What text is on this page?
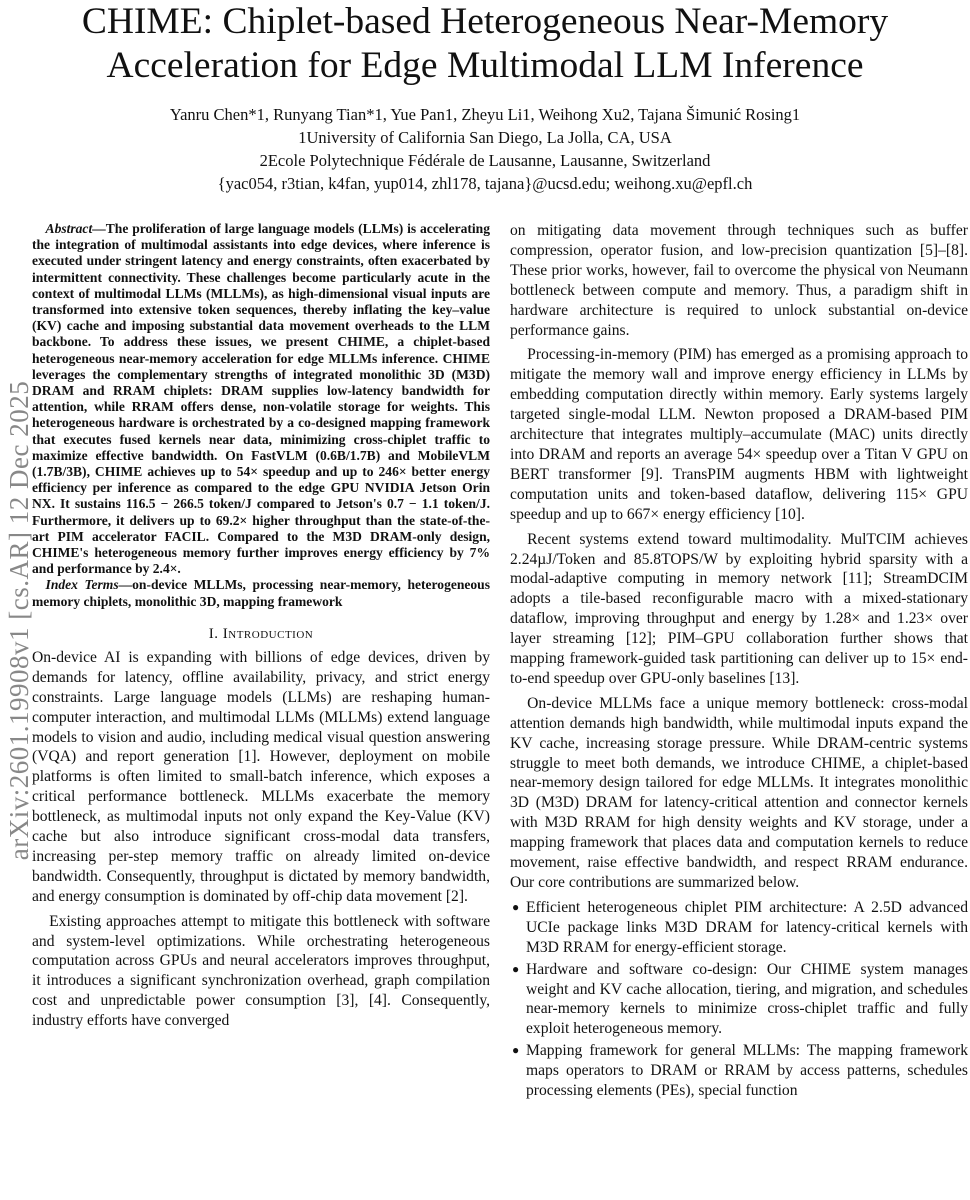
arXiv:2601.19908v1 [cs.AR] 12 Dec 2025
CHIME: Chiplet-based Heterogeneous Near-Memory
Acceleration for Edge Multimodal LLM Inference
Yanru Chen*1, Runyang Tian*1, Yue Pan1, Zheyu Li1, Weihong Xu2, Tajana Šimunić Rosing1
1University of California San Diego, La Jolla, CA, USA
2Ecole Polytechnique Fédérale de Lausanne, Lausanne, Switzerland
{yac054, r3tian, k4fan, yup014, zhl178, tajana}@ucsd.edu; weihong.xu@epfl.ch

Abstract—The proliferation of large language models (LLMs) is accelerating the integration of multimodal assistants into edge devices, where inference is executed under stringent latency and energy constraints, often exacerbated by intermittent connectivity. These challenges become particularly acute in the context of multimodal LLMs (MLLMs), as high-dimensional visual inputs are transformed into extensive token sequences, thereby inflating the key–value (KV) cache and imposing substantial data movement overheads to the LLM backbone. To address these issues, we present CHIME, a chiplet-based heterogeneous near-memory acceleration for edge MLLMs inference. CHIME leverages the complementary strengths of integrated monolithic 3D (M3D) DRAM and RRAM chiplets: DRAM supplies low-latency bandwidth for attention, while RRAM offers dense, non-volatile storage for weights. This heterogeneous hardware is orchestrated by a co-designed mapping framework that executes fused kernels near data, minimizing cross-chiplet traffic to maximize effective bandwidth. On FastVLM (0.6B/1.7B) and MobileVLM (1.7B/3B), CHIME achieves up to 54× speedup and up to 246× better energy efficiency per inference as compared to the edge GPU NVIDIA Jetson Orin NX. It sustains 116.5 − 266.5 token/J compared to Jetson's 0.7 − 1.1 token/J. Furthermore, it delivers up to 69.2× higher throughput than the state-of-the-art PIM accelerator FACIL. Compared to the M3D DRAM-only design, CHIME's heterogeneous memory further improves energy efficiency by 7% and performance by 2.4×.

Index Terms—on-device MLLMs, processing near-memory, heterogeneous memory chiplets, monolithic 3D, mapping framework

I. Introduction

On-device AI is expanding with billions of edge devices, driven by demands for latency, offline availability, privacy, and strict energy constraints. Large language models (LLMs) are reshaping human-computer interaction, and multimodal LLMs (MLLMs) extend language models to vision and audio, including medical visual question answering (VQA) and report generation [1]. However, deployment on mobile platforms is often limited to small-batch inference, which exposes a critical performance bottleneck. MLLMs exacerbate the memory bottleneck, as multimodal inputs not only expand the Key-Value (KV) cache but also introduce significant cross-modal data transfers, increasing per-step memory traffic on already limited on-device bandwidth. Consequently, throughput is dictated by memory bandwidth, and energy consumption is dominated by off-chip data movement [2].

Existing approaches attempt to mitigate this bottleneck with software and system-level optimizations. While orchestrating heterogeneous computation across GPUs and neural accelerators improves throughput, it introduces a significant synchronization overhead, graph compilation cost and unpredictable power consumption [3], [4]. Consequently, industry efforts have converged

on mitigating data movement through techniques such as buffer compression, operator fusion, and low-precision quantization [5]–[8]. These prior works, however, fail to overcome the physical von Neumann bottleneck between compute and memory. Thus, a paradigm shift in hardware architecture is required to unlock substantial on-device performance gains.

Processing-in-memory (PIM) has emerged as a promising approach to mitigate the memory wall and improve energy efficiency in LLMs by embedding computation directly within memory. Early systems largely targeted single-modal LLM. Newton proposed a DRAM-based PIM architecture that integrates multiply–accumulate (MAC) units directly into DRAM and reports an average 54× speedup over a Titan V GPU on BERT transformer [9]. TransPIM augments HBM with lightweight computation units and token-based dataflow, delivering 115× GPU speedup and up to 667× energy efficiency [10].

Recent systems extend toward multimodality. MulTCIM achieves 2.24µJ/Token and 85.8TOPS/W by exploiting hybrid sparsity with a modal-adaptive computing in memory network [11]; StreamDCIM adopts a tile-based reconfigurable macro with a mixed-stationary dataflow, improving throughput and energy by 1.28× and 1.23× over layer streaming [12]; PIM–GPU collaboration further shows that mapping framework-guided task partitioning can deliver up to 15× end-to-end speedup over GPU-only baselines [13].

On-device MLLMs face a unique memory bottleneck: cross-modal attention demands high bandwidth, while multimodal inputs expand the KV cache, increasing storage pressure. While DRAM-centric systems struggle to meet both demands, we introduce CHIME, a chiplet-based near-memory design tailored for edge MLLMs. It integrates monolithic 3D (M3D) DRAM for latency-critical attention and connector kernels with M3D RRAM for high density weights and KV storage, under a mapping framework that places data and computation kernels to reduce movement, raise effective bandwidth, and respect RRAM endurance. Our core contributions are summarized below.

● Efficient heterogeneous chiplet PIM architecture: A 2.5D advanced UCIe package links M3D DRAM for latency-critical kernels with M3D RRAM for energy-efficient storage.
● Hardware and software co-design: Our CHIME system manages weight and KV cache allocation, tiering, and migration, and schedules near-memory kernels to minimize cross-chiplet traffic and fully exploit heterogeneous memory.
● Mapping framework for general MLLMs: The mapping framework maps operators to DRAM or RRAM by access patterns, schedules processing elements (PEs), special function
